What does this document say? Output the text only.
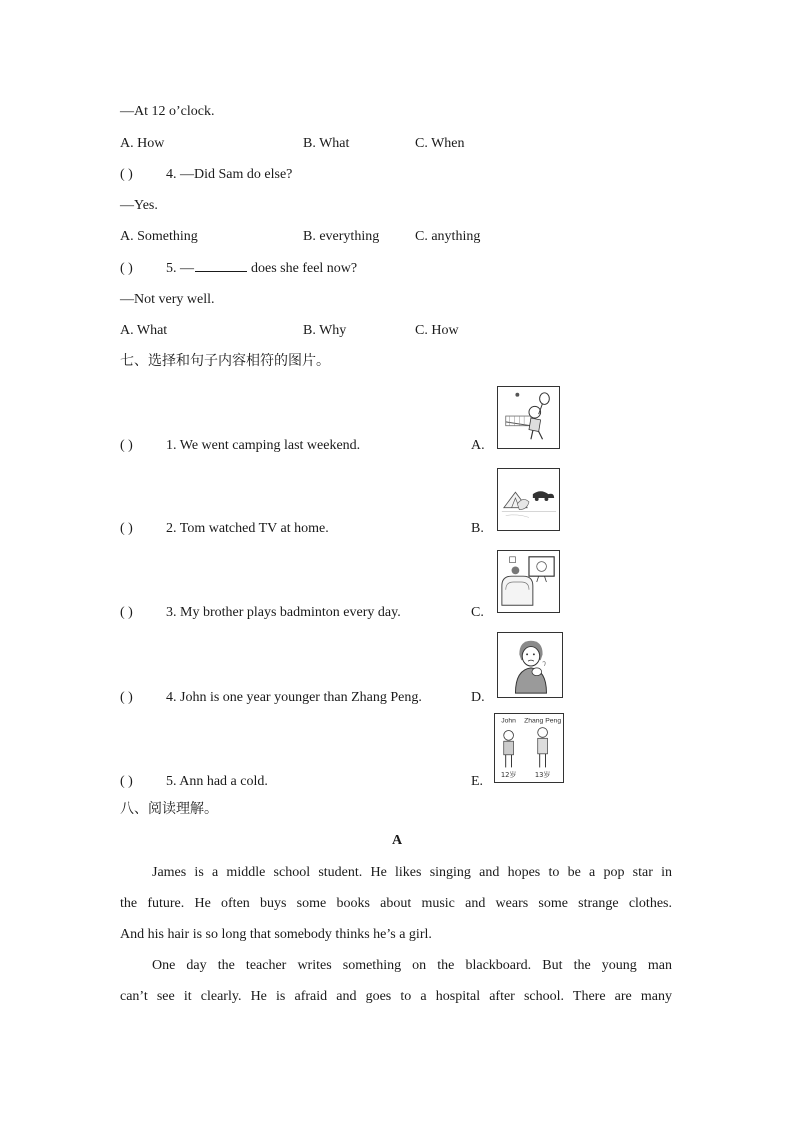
—At 12 o’clock.
A. How	B. What	C. When
( ) 4. —Did Sam do else?
—Yes.
A. Something	B. everything	C. anything
( ) 5. —	does she feel now?
—Not very well.
A. What	B. Why	C. How
七、选择和句子内容相符的图片。
( ) 1. We went camping last weekend.	A.
( ) 2. Tom watched TV at home.	B.
( ) 3. My brother plays badminton every day.	C.
( ) 4. John is one year younger than Zhang Peng.	D.
( ) 5. Ann had a cold.	E.
John Zhang Peng
12岁	13岁
八、阅读理解。
A
James is a middle school student. He likes singing and hopes to be a pop star in
the future. He often buys some books about music and wears some strange clothes.
And his hair is so long that somebody thinks he’s a girl.
One day the teacher writes something on the blackboard. But the young man
can’t see it clearly. He is afraid and goes to a hospital after school. There are many
